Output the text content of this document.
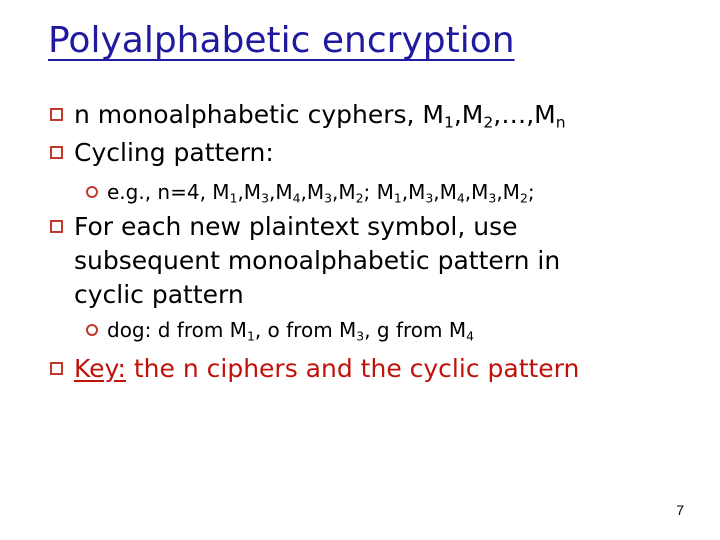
Polyalphabetic encryption
n monoalphabetic cyphers, M1,M2,…,Mn
Cycling pattern:
e.g., n=4, M1,M3,M4,M3,M2; M1,M3,M4,M3,M2;
For each new plaintext symbol, use
subsequent monoalphabetic pattern in
cyclic pattern
dog: d from M1, o from M3, g from M4
Key: the n ciphers and the cyclic pattern
7
